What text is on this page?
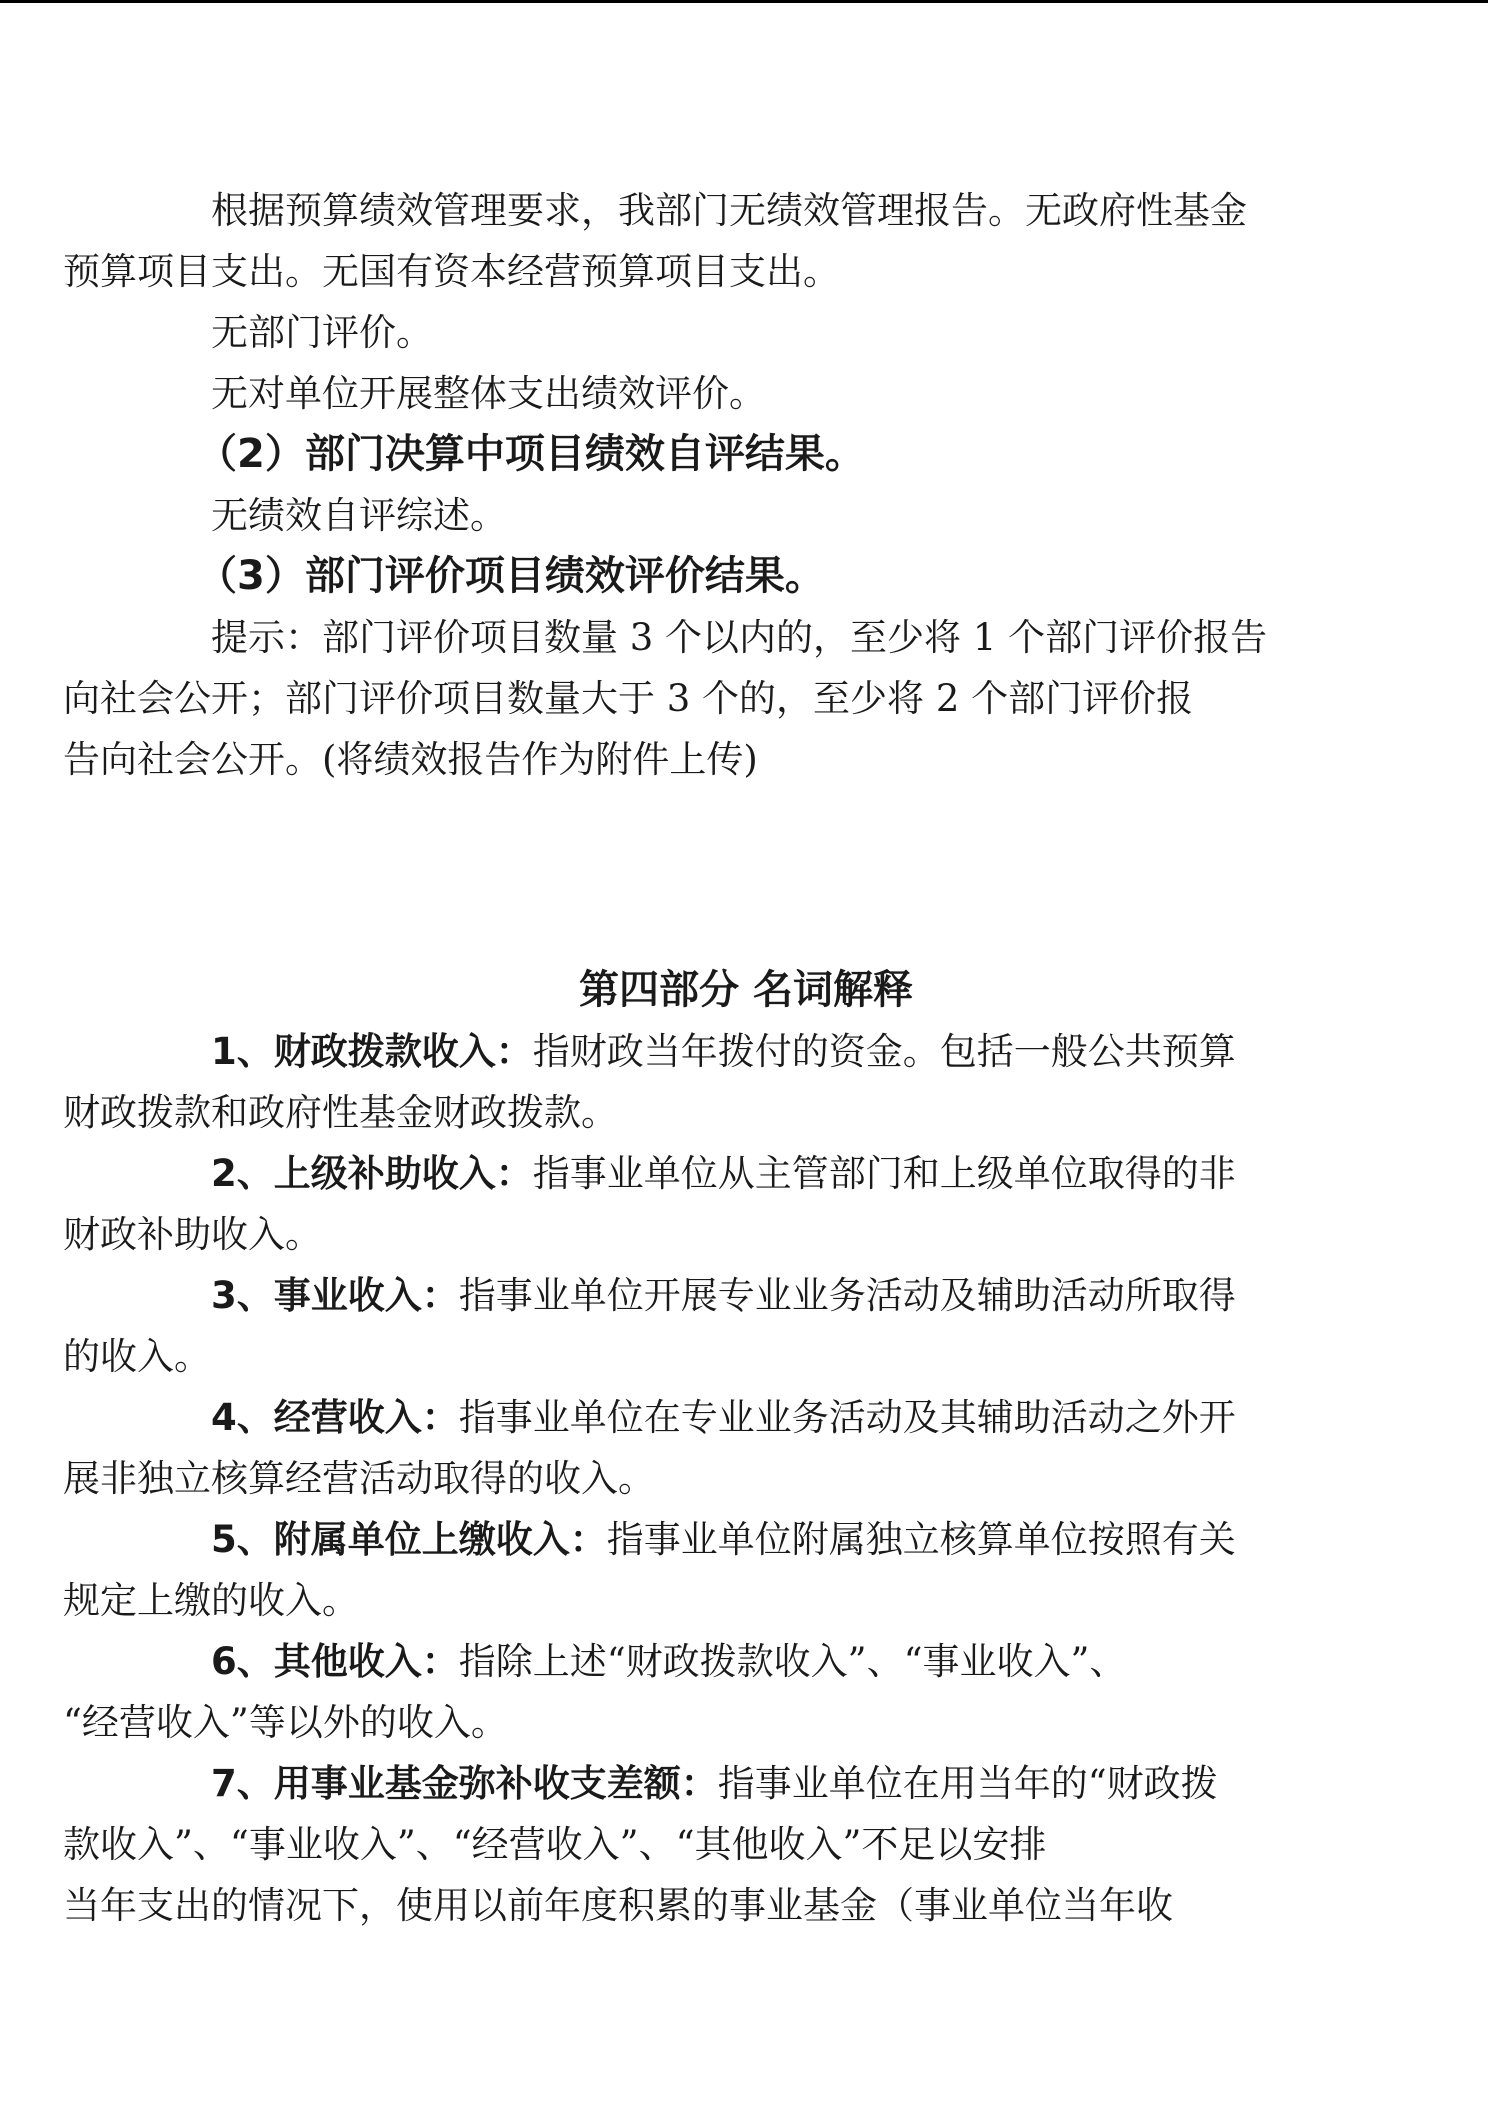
根据预算绩效管理要求，我部门无绩效管理报告。无政府性基金
预算项目支出。无国有资本经营预算项目支出。

无部门评价。

无对单位开展整体支出绩效评价。

（2）部门决算中项目绩效自评结果。

无绩效自评综述。

（3）部门评价项目绩效评价结果。

提示：部门评价项目数量 3 个以内的，至少将 1 个部门评价报告
向社会公开；部门评价项目数量大于 3 个的，至少将 2 个部门评价报
告向社会公开。(将绩效报告作为附件上传)

第四部分 名词解释

1、财政拨款收入：指财政当年拨付的资金。包括一般公共预算
财政拨款和政府性基金财政拨款。

2、上级补助收入：指事业单位从主管部门和上级单位取得的非
财政补助收入。

3、事业收入：指事业单位开展专业业务活动及辅助活动所取得
的收入。

4、经营收入：指事业单位在专业业务活动及其辅助活动之外开
展非独立核算经营活动取得的收入。

5、附属单位上缴收入：指事业单位附属独立核算单位按照有关
规定上缴的收入。

6、其他收入：指除上述“财政拨款收入”、“事业收入”、
“经营收入”等以外的收入。

7、用事业基金弥补收支差额：指事业单位在用当年的“财政拨
款收入”、“事业收入”、“经营收入”、“其他收入”不足以安排
当年支出的情况下，使用以前年度积累的事业基金（事业单位当年收
